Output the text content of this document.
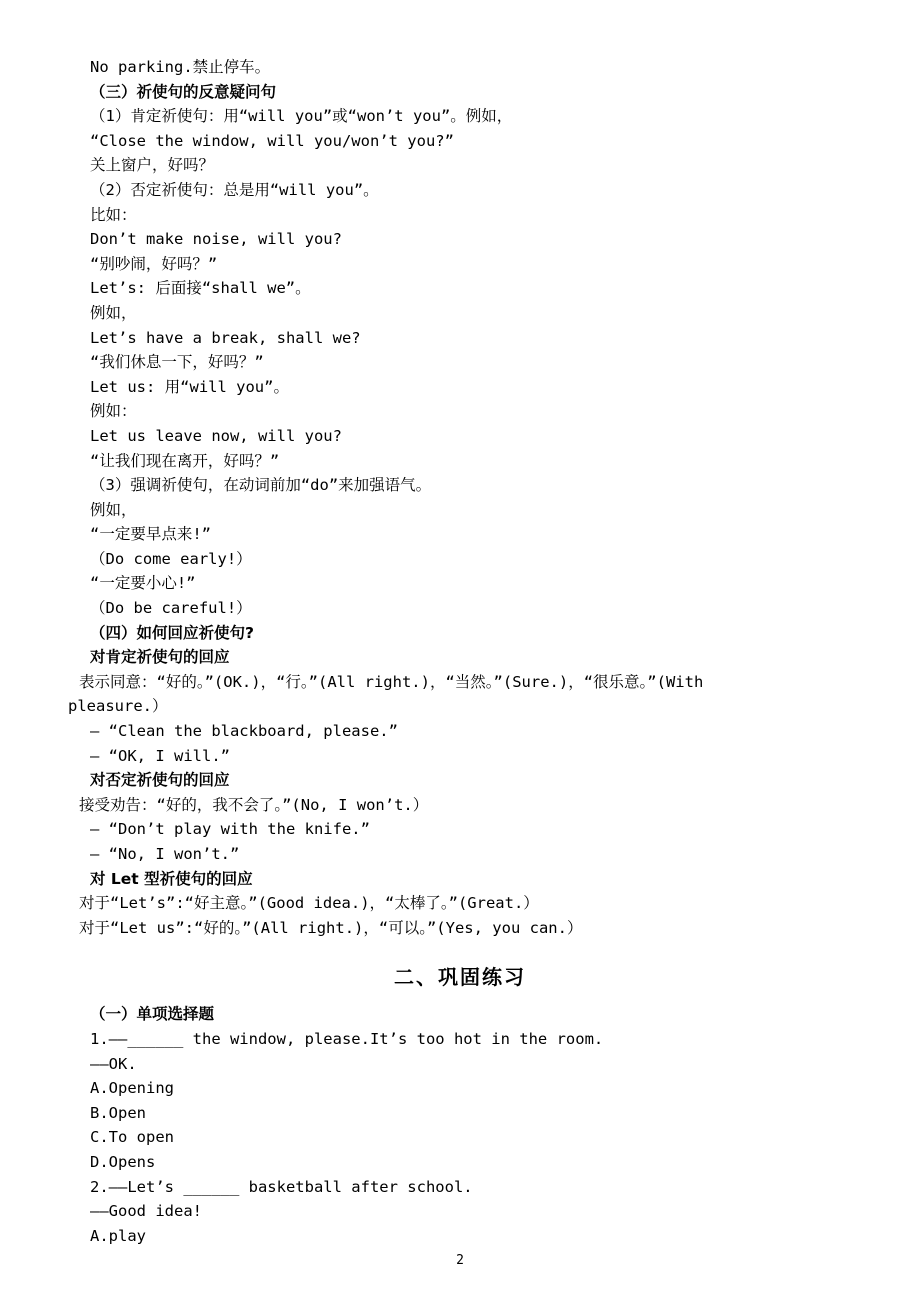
No parking.禁止停车。
（三）祈使句的反意疑问句
（1）肯定祈使句：用“will you”或“won’t you”。例如，
“Close the window, will you/won’t you?”
关上窗户，好吗？
（2）否定祈使句：总是用“will you”。
比如：
Don’t make noise, will you?
“别吵闹，好吗？”
Let’s: 后面接“shall we”。
例如，
Let’s have a break, shall we?
“我们休息一下，好吗？”
Let us: 用“will you”。
例如：
Let us leave now, will you?
“让我们现在离开，好吗？”
（3）强调祈使句，在动词前加“do”来加强语气。
例如，
“一定要早点来!”
（Do come early!）
“一定要小心!”
（Do be careful!）
（四）如何回应祈使句?
对肯定祈使句的回应
表示同意：“好的。”(OK.)，“行。”(All right.)，“当然。”(Sure.)，“很乐意。”(With
pleasure.）
— “Clean the blackboard, please.”
— “OK, I will.”
对否定祈使句的回应
接受劝告：“好的，我不会了。”(No, I won’t.）
— “Don’t play with the knife.”
— “No, I won’t.”
对 Let 型祈使句的回应
对于“Let’s”:“好主意。”(Good idea.)，“太棒了。”(Great.）
对于“Let us”:“好的。”(All right.)，“可以。”(Yes, you can.）
二、巩固练习
（一）单项选择题
1.——______ the window, please.It’s too hot in the room.
——OK.
A.Opening
B.Open
C.To open
D.Opens
2.——Let’s ______ basketball after school.
——Good idea!
A.play
2
